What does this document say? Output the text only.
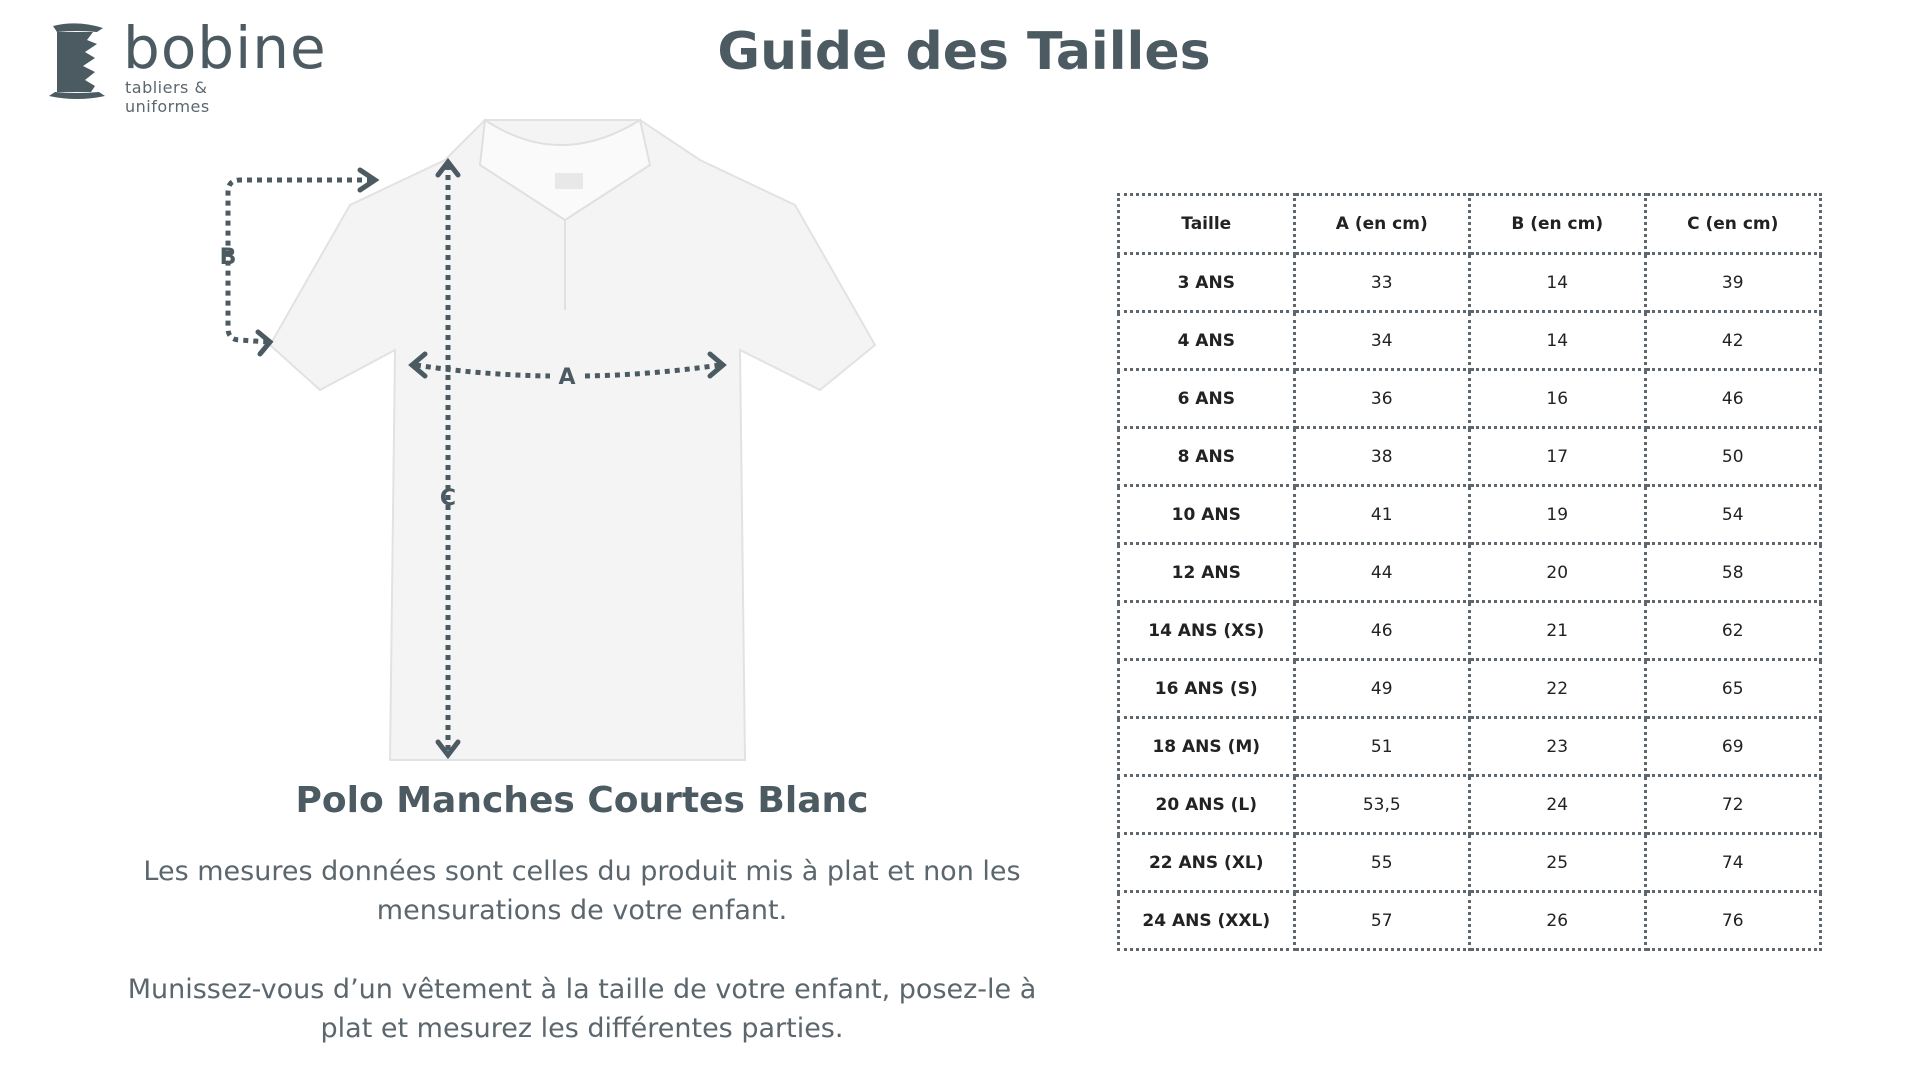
bobine
tabliers & uniformes
Guide des Tailles
B
A
C
Polo Manches Courtes Blanc
Les mesures données sont celles du produit mis à plat et non les mensurations de votre enfant.
Munissez-vous d’un vêtement à la taille de votre enfant, posez-le à plat et mesurez les différentes parties.
Taille	A (en cm)	B (en cm)	C (en cm)
3 ANS	33	14	39
4 ANS	34	14	42
6 ANS	36	16	46
8 ANS	38	17	50
10 ANS	41	19	54
12 ANS	44	20	58
14 ANS (XS)	46	21	62
16 ANS (S)	49	22	65
18 ANS (M)	51	23	69
20 ANS (L)	53,5	24	72
22 ANS (XL)	55	25	74
24 ANS (XXL)	57	26	76
